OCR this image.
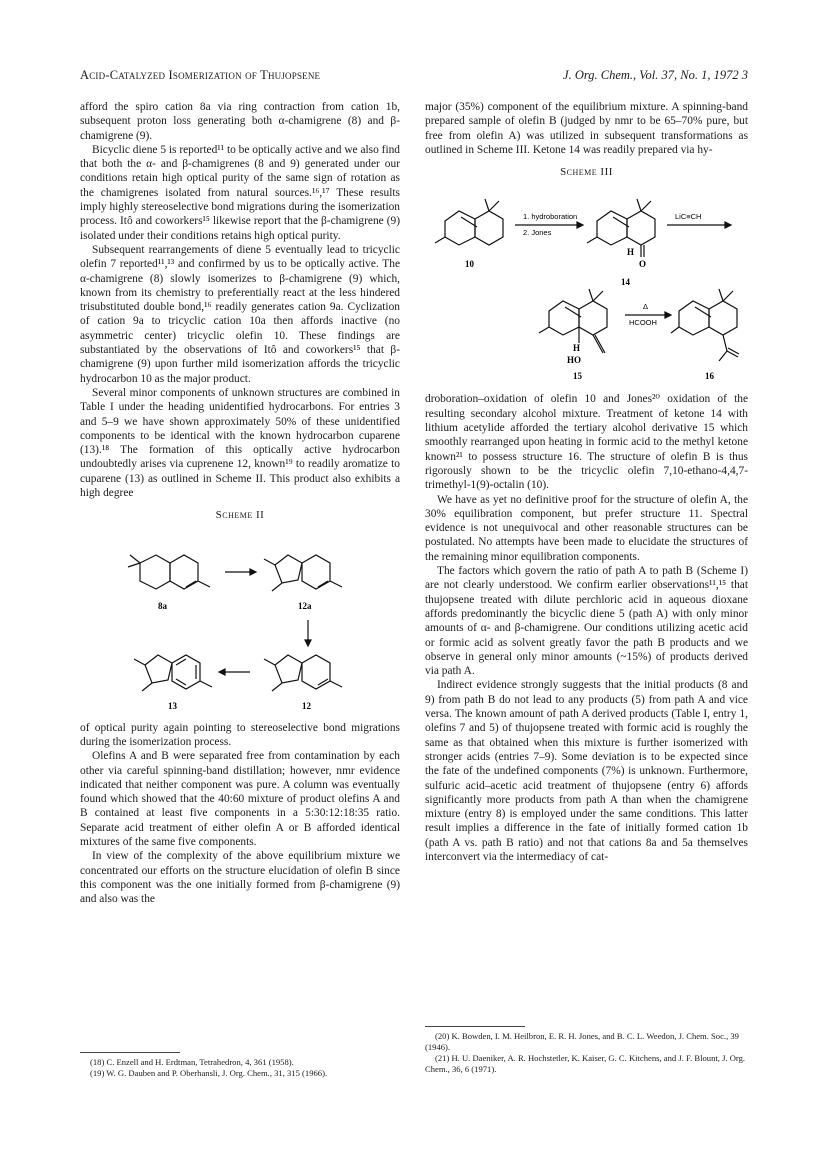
Acid-Catalyzed Isomerization of Thujopsene	J. Org. Chem., Vol. 37, No. 1, 1972 3

afford the spiro cation 8a via ring contraction from cation 1b, subsequent proton loss generating both α-chamigrene (8) and β-chamigrene (9).

Bicyclic diene 5 is reported¹¹ to be optically active and we also find that both the α- and β-chamigrenes (8 and 9) generated under our conditions retain high optical purity of the same sign of rotation as the chamigrenes isolated from natural sources.¹⁶,¹⁷ These results imply highly stereoselective bond migrations during the isomerization process. Itô and coworkers¹⁵ likewise report that the β-chamigrene (9) isolated under their conditions retains high optical purity.

Subsequent rearrangements of diene 5 eventually lead to tricyclic olefin 7 reported¹¹,¹³ and confirmed by us to be optically active. The α-chamigrene (8) slowly isomerizes to β-chamigrene (9) which, known from its chemistry to preferentially react at the less hindered trisubstituted double bond,¹⁶ readily generates cation 9a. Cyclization of cation 9a to tricyclic cation 10a then affords inactive (no asymmetric center) tricyclic olefin 10. These findings are substantiated by the observations of Itô and coworkers¹⁵ that β-chamigrene (9) upon further mild isomerization affords the tricyclic hydrocarbon 10 as the major product.

Several minor components of unknown structures are combined in Table I under the heading unidentified hydrocarbons. For entries 3 and 5–9 we have shown approximately 50% of these unidentified components to be identical with the known hydrocarbon cuparene (13).¹⁸ The formation of this optically active hydrocarbon undoubtedly arises via cuprenene 12, known¹⁹ to readily aromatize to cuparene (13) as outlined in Scheme II. This product also exhibits a high degree

Scheme II
8a	12a
13	12

of optical purity again pointing to stereoselective bond migrations during the isomerization process.

Olefins A and B were separated free from contamination by each other via careful spinning-band distillation; however, nmr evidence indicated that neither component was pure. A column was eventually found which showed that the 40:60 mixture of product olefins A and B contained at least five components in a 5:30:12:18:35 ratio. Separate acid treatment of either olefin A or B afforded identical mixtures of the same five components.

In view of the complexity of the above equilibrium mixture we concentrated our efforts on the structure elucidation of olefin B since this component was the one initially formed from β-chamigrene (9) and also was the

(18) C. Enzell and H. Erdtman, Tetrahedron, 4, 361 (1958).

(19) W. G. Dauben and P. Oberhansli, J. Org. Chem., 31, 315 (1966).

major (35%) component of the equilibrium mixture. A spinning-band prepared sample of olefin B (judged by nmr to be 65–70% pure, but free from olefin A) was utilized in subsequent transformations as outlined in Scheme III. Ketone 14 was readily prepared via hy-

Scheme III
1. hydroboration
2. Jones
LiC≡CH
Δ
HCOOH
H
O
H
HO
10
14
15	16

droboration–oxidation of olefin 10 and Jones²⁰ oxidation of the resulting secondary alcohol mixture. Treatment of ketone 14 with lithium acetylide afforded the tertiary alcohol derivative 15 which smoothly rearranged upon heating in formic acid to the methyl ketone known²¹ to possess structure 16. The structure of olefin B is thus rigorously shown to be the tricyclic olefin 7,10-ethano-4,4,7-trimethyl-1(9)-octalin (10).

We have as yet no definitive proof for the structure of olefin A, the 30% equilibration component, but prefer structure 11. Spectral evidence is not unequivocal and other reasonable structures can be postulated. No attempts have been made to elucidate the structures of the remaining minor equilibration components.

The factors which govern the ratio of path A to path B (Scheme I) are not clearly understood. We confirm earlier observations¹¹,¹⁵ that thujopsene treated with dilute perchloric acid in aqueous dioxane affords predominantly the bicyclic diene 5 (path A) with only minor amounts of α- and β-chamigrene. Our conditions utilizing acetic acid or formic acid as solvent greatly favor the path B products and we observe in general only minor amounts (~15%) of products derived via path A.

Indirect evidence strongly suggests that the initial products (8 and 9) from path B do not lead to any products (5) from path A and vice versa. The known amount of path A derived products (Table I, entry 1, olefins 7 and 5) of thujopsene treated with formic acid is roughly the same as that obtained when this mixture is further isomerized with stronger acids (entries 7–9). Some deviation is to be expected since the fate of the undefined components (7%) is unknown. Furthermore, sulfuric acid–acetic acid treatment of thujopsene (entry 6) affords significantly more products from path A than when the chamigrene mixture (entry 8) is employed under the same conditions. This latter result implies a difference in the fate of initially formed cation 1b (path A vs. path B ratio) and not that cations 8a and 5a themselves interconvert via the intermediacy of cat-

(20) K. Bowden, I. M. Heilbron, E. R. H. Jones, and B. C. L. Weedon, J. Chem. Soc., 39 (1946).

(21) H. U. Daeniker, A. R. Hochstetler, K. Kaiser, G. C. Kitchens, and J. F. Blount, J. Org. Chem., 36, 6 (1971).
